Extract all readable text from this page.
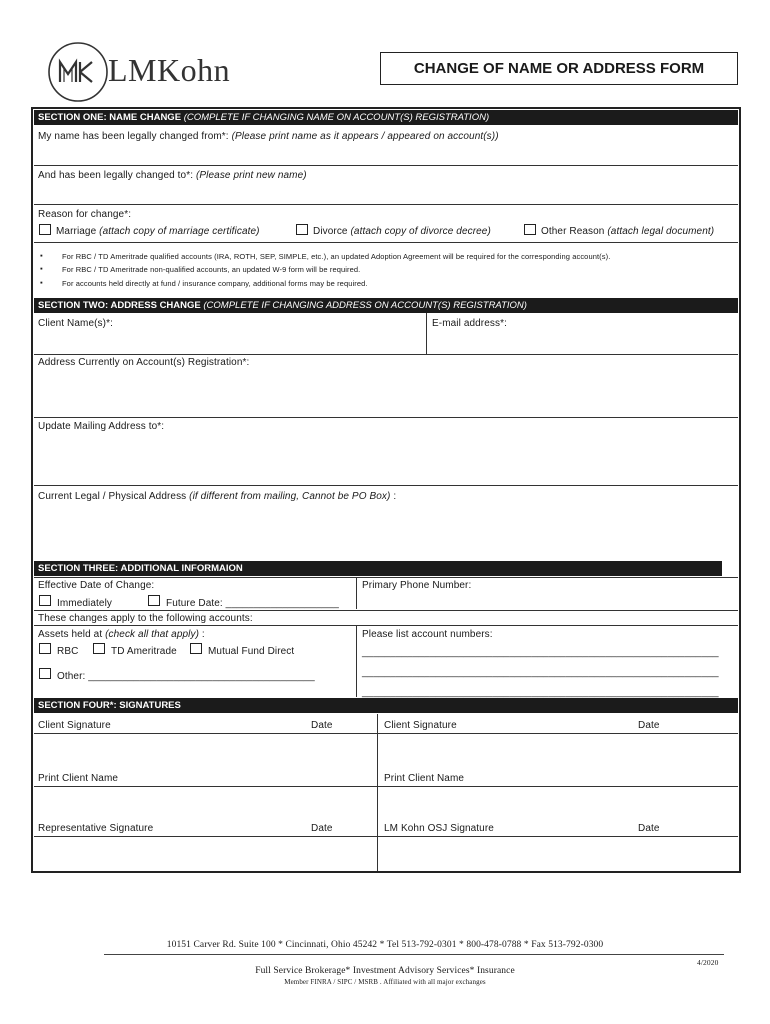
LMKohn	CHANGE OF NAME OR ADDRESS FORM
SECTION ONE: NAME CHANGE (COMPLETE IF CHANGING NAME ON ACCOUNT(S) REGISTRATION)
My name has been legally changed from*: (Please print name as it appears / appeared on account(s))
And has been legally changed to*: (Please print new name)
Reason for change*:
Marriage (attach copy of marriage certificate)	Divorce (attach copy of divorce decree)	Other Reason (attach legal document)
▪	For RBC / TD Ameritrade qualified accounts (IRA, ROTH, SEP, SIMPLE, etc.), an updated Adoption Agreement will be required for the corresponding account(s).
▪	For RBC / TD Ameritrade non-qualified accounts, an updated W-9 form will be required.
▪	For accounts held directly at fund / insurance company, additional forms may be required.
SECTION TWO: ADDRESS CHANGE (COMPLETE IF CHANGING ADDRESS ON ACCOUNT(S) REGISTRATION)
Client Name(s)*:	E-mail address*:
Address Currently on Account(s) Registration*:
Update Mailing Address to*:
Current Legal / Physical Address (if different from mailing, Cannot be PO Box) :
SECTION THREE: ADDITIONAL INFORMAION
Effective Date of Change:	Primary Phone Number:
Immediately	Future Date: ____________________
These changes apply to the following accounts:
Assets held at (check all that apply) :	Please list account numbers:
RBC	TD Ameritrade	Mutual Fund Direct
Other: ________________________________________
_______________________________________________________________
_______________________________________________________________
_______________________________________________________________
SECTION FOUR*: SIGNATURES
Client Signature	Date	Client Signature	Date
Print Client Name	Print Client Name
Representative Signature	Date	LM Kohn OSJ Signature	Date
10151 Carver Rd. Suite 100 * Cincinnati, Ohio 45242 * Tel 513-792-0301 * 800-478-0788 * Fax 513-792-0300
4/2020
Full Service Brokerage* Investment Advisory Services* Insurance
Member FINRA / SIPC / MSRB . Affiliated with all major exchanges
